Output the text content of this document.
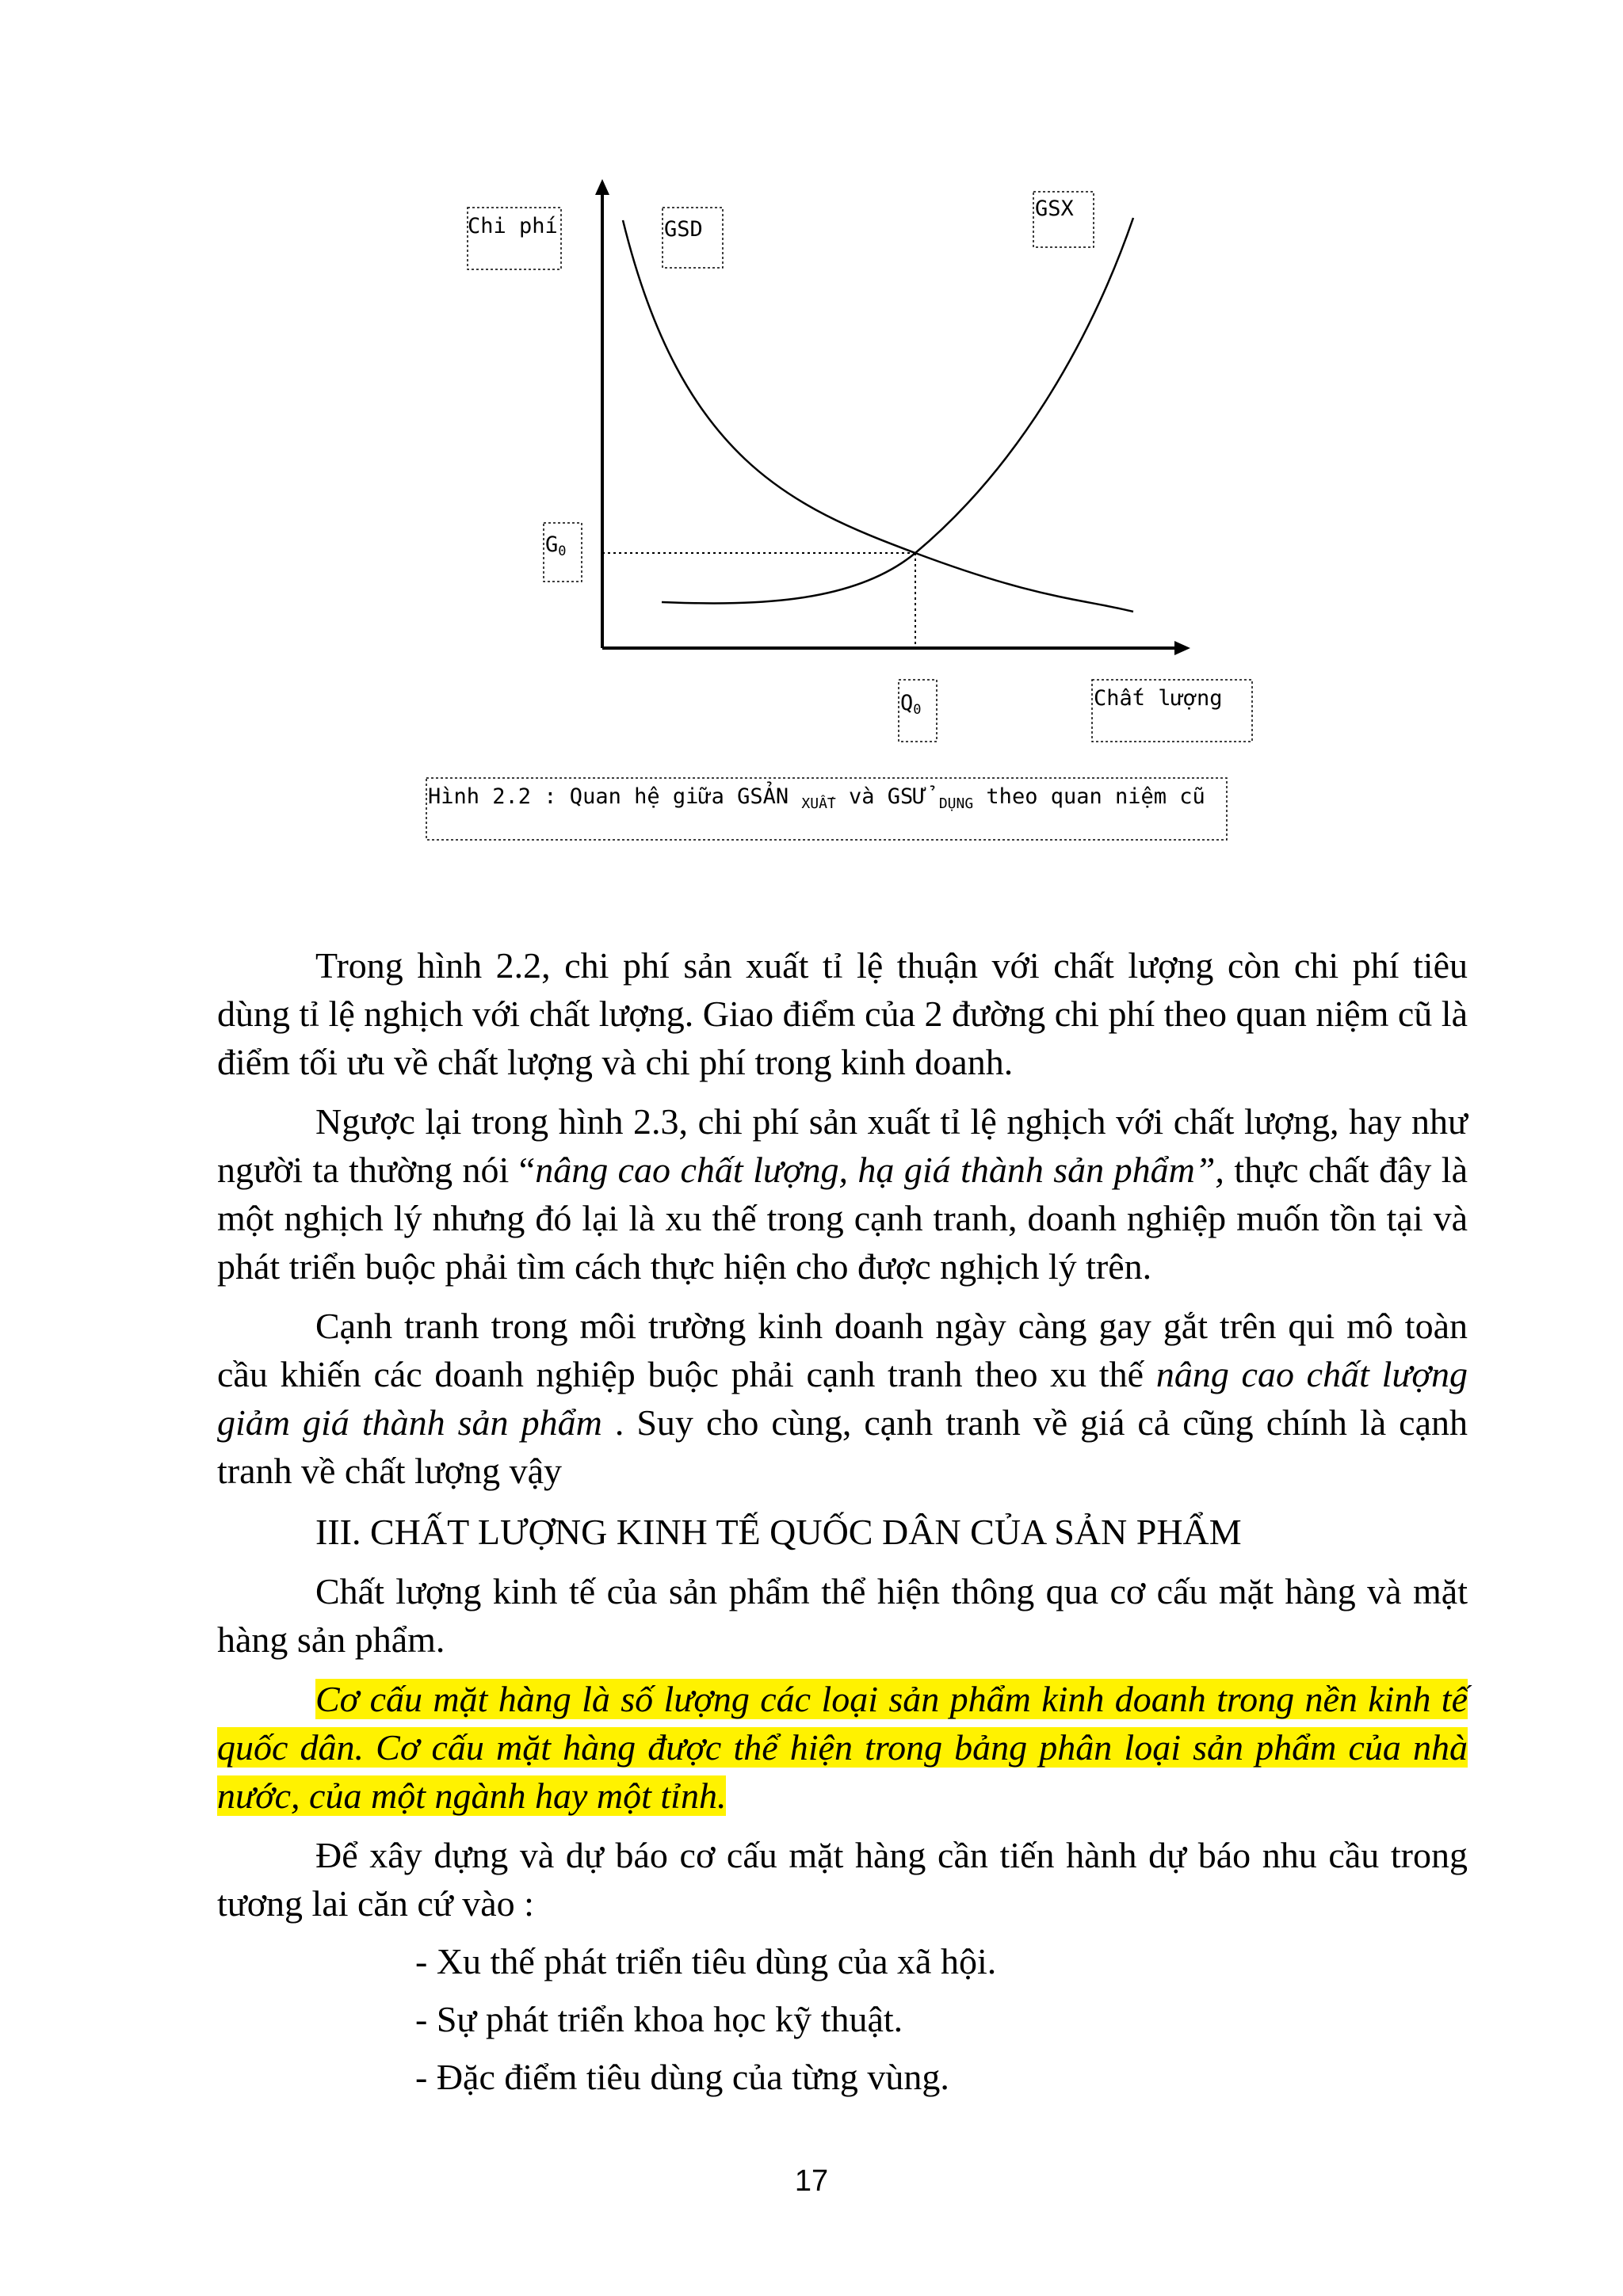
Chi phí	GSD
GSX
G0
Q0	Chất lượng
Hình 2.2 : Quan hệ giữa GSẢN $_{XUẤT}$ và GSỬ $_{DỤNG}$ theo quan niệm cũ

Trong hình 2.2, chi phí sản xuất tỉ lệ thuận với chất lượng còn chi phí tiêu dùng tỉ lệ nghịch với chất lượng. Giao điểm của 2 đường chi phí theo quan niệm cũ là điểm tối ưu về chất lượng và chi phí trong kinh doanh.

Ngược lại trong hình 2.3, chi phí sản xuất tỉ lệ nghịch với chất lượng, hay như người ta thường nói “nâng cao chất lượng, hạ giá thành sản phẩm”, thực chất đây là một nghịch lý nhưng đó lại là xu thế trong cạnh tranh, doanh nghiệp muốn tồn tại và phát triển buộc phải tìm cách thực hiện cho được nghịch lý trên.

Cạnh tranh trong môi trường kinh doanh ngày càng gay gắt trên qui mô toàn cầu khiến các doanh nghiệp buộc phải cạnh tranh theo xu thế nâng cao chất lượng giảm giá thành sản phẩm . Suy cho cùng, cạnh tranh về giá cả cũng chính là cạnh tranh về chất lượng vậy

III. CHẤT LƯỢNG KINH TẾ QUỐC DÂN CỦA SẢN PHẨM

Chất lượng kinh tế của sản phẩm thể hiện thông qua cơ cấu mặt hàng và mặt hàng sản phẩm.

Cơ cấu mặt hàng là số lượng các loại sản phẩm kinh doanh trong nền kinh tế quốc dân. Cơ cấu mặt hàng được thể hiện trong bảng phân loại sản phẩm của nhà nước, của một ngành hay một tỉnh.

Để xây dựng và dự báo cơ cấu mặt hàng cần tiến hành dự báo nhu cầu trong tương lai căn cứ vào :

- Xu thế phát triển tiêu dùng của xã hội.

- Sự phát triển khoa học kỹ thuật.

- Đặc điểm tiêu dùng của từng vùng.

17
